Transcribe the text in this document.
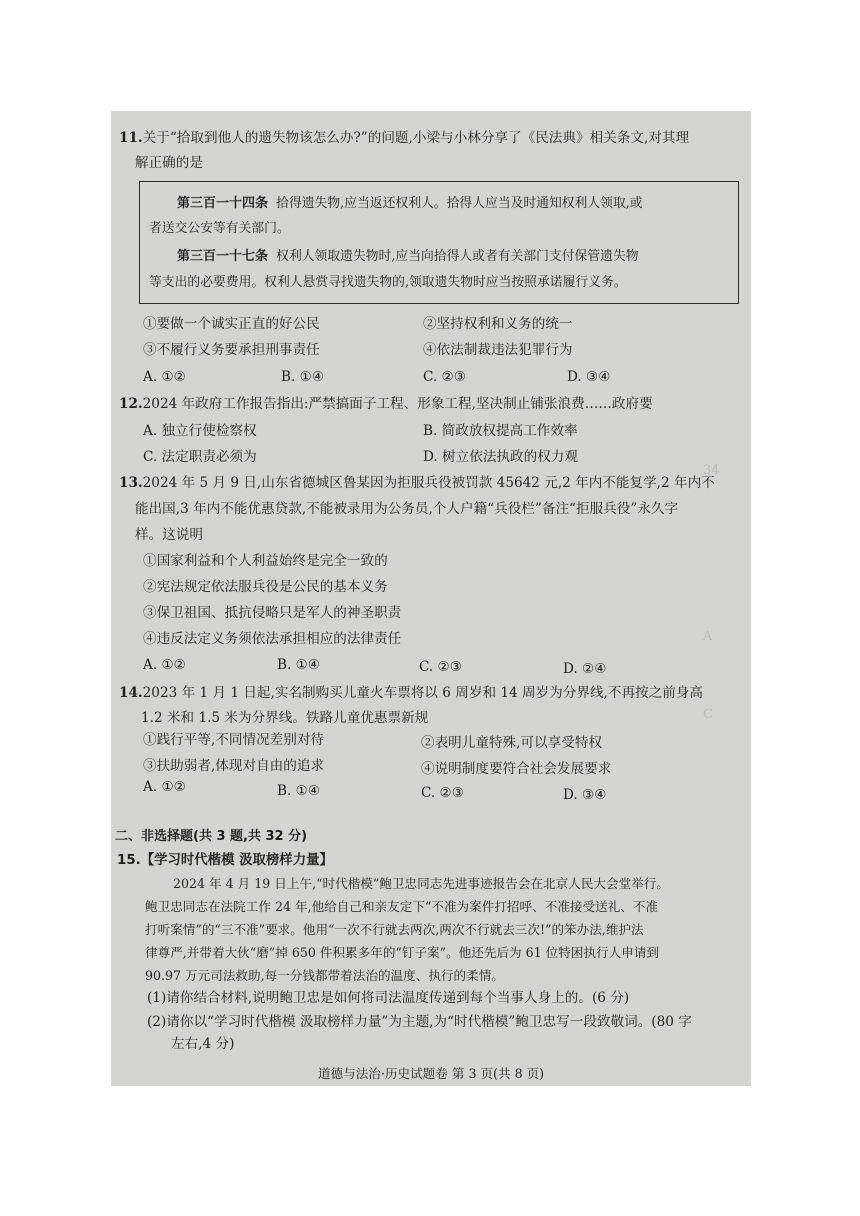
34
A
C
11.关于“拾取到他人的遗失物该怎么办?”的问题,小梁与小林分享了《民法典》相关条文,对其理
解正确的是
第三百一十四条 拾得遗失物,应当返还权利人。拾得人应当及时通知权利人领取,或
者送交公安等有关部门。
第三百一十七条 权利人领取遗失物时,应当向拾得人或者有关部门支付保管遗失物
等支出的必要费用。权利人悬赏寻找遗失物的,领取遗失物时应当按照承诺履行义务。
①要做一个诚实正直的好公民	②坚持权利和义务的统一
③不履行义务要承担刑事责任	④依法制裁违法犯罪行为
A. ①②	B. ①④	C. ②③	D. ③④
12.2024 年政府工作报告指出:严禁搞面子工程、形象工程,坚决制止铺张浪费……政府要
A. 独立行使检察权	B. 简政放权提高工作效率
C. 法定职责必须为	D. 树立依法执政的权力观
13.2024 年 5 月 9 日,山东省德城区鲁某因为拒服兵役被罚款 45642 元,2 年内不能复学,2 年内不
能出国,3 年内不能优惠贷款,不能被录用为公务员,个人户籍“兵役栏”备注“拒服兵役”永久字
样。这说明
①国家利益和个人利益始终是完全一致的
②宪法规定依法服兵役是公民的基本义务
③保卫祖国、抵抗侵略只是军人的神圣职责
④违反法定义务须依法承担相应的法律责任
A. ①②	B. ①④	C. ②③	D. ②④
14.2023 年 1 月 1 日起,实名制购买儿童火车票将以 6 周岁和 14 周岁为分界线,不再按之前身高
1.2 米和 1.5 米为分界线。铁路儿童优惠票新规
①践行平等,不同情况差别对待	②表明儿童特殊,可以享受特权
③扶助弱者,体现对自由的追求	④说明制度要符合社会发展要求
A. ①②	B. ①④	C. ②③	D. ③④
二、非选择题(共 3 题,共 32 分)
15.【学习时代楷模 汲取榜样力量】
2024 年 4 月 19 日上午,“时代楷模”鲍卫忠同志先进事迹报告会在北京人民大会堂举行。
鲍卫忠同志在法院工作 24 年,他给自己和亲友定下“不准为案件打招呼、不准接受送礼、不准
打听案情”的“三不准”要求。他用“一次不行就去两次,两次不行就去三次!”的笨办法,维护法
律尊严,并带着大伙“磨”掉 650 件积累多年的“钉子案”。他还先后为 61 位特困执行人申请到
90.97 万元司法救助,每一分钱都带着法治的温度、执行的柔情。
(1)请你结合材料,说明鲍卫忠是如何将司法温度传递到每个当事人身上的。(6 分)
(2)请你以“学习时代楷模 汲取榜样力量”为主题,为“时代楷模”鲍卫忠写一段致敬词。(80 字
左右,4 分)
道德与法治·历史试题卷 第 3 页(共 8 页)
